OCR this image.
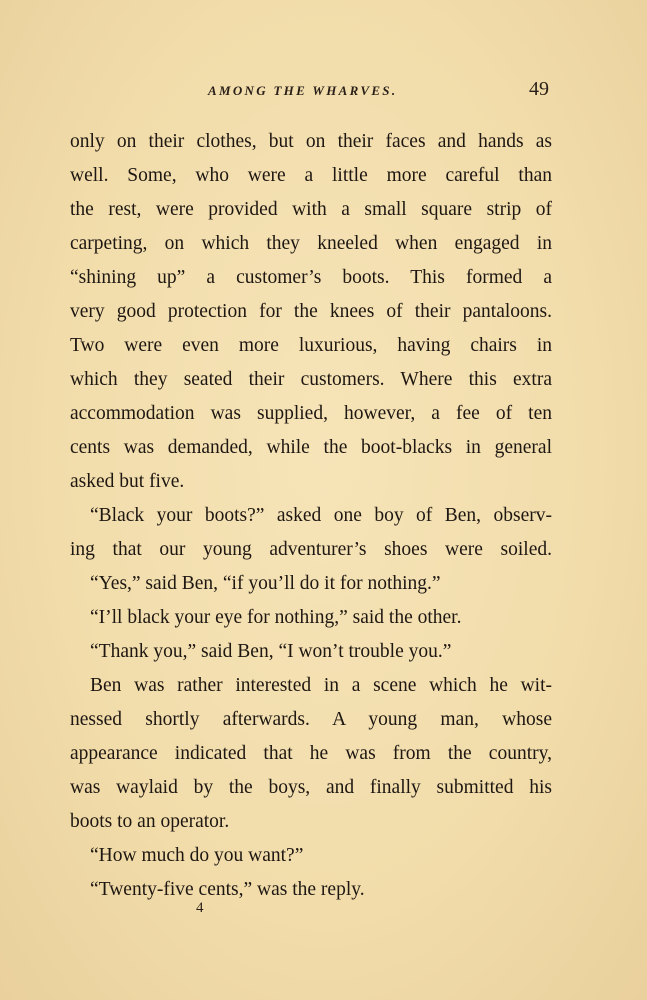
AMONG THE WHARVES.	49
only on their clothes, but on their faces and hands as
well. Some, who were a little more careful than
the rest, were provided with a small square strip of
carpeting, on which they kneeled when engaged in
“shining up” a customer’s boots. This formed a
very good protection for the knees of their pantaloons.
Two were even more luxurious, having chairs in
which they seated their customers. Where this extra
accommodation was supplied, however, a fee of ten
cents was demanded, while the boot-blacks in general
asked but five.
“Black your boots?” asked one boy of Ben, observ-
ing that our young adventurer’s shoes were soiled.
“Yes,” said Ben, “if you’ll do it for nothing.”
“I’ll black your eye for nothing,” said the other.
“Thank you,” said Ben, “I won’t trouble you.”
Ben was rather interested in a scene which he wit-
nessed shortly afterwards. A young man, whose
appearance indicated that he was from the country,
was waylaid by the boys, and finally submitted his
boots to an operator.
“How much do you want?”
“Twenty-five cents,” was the reply.
4
